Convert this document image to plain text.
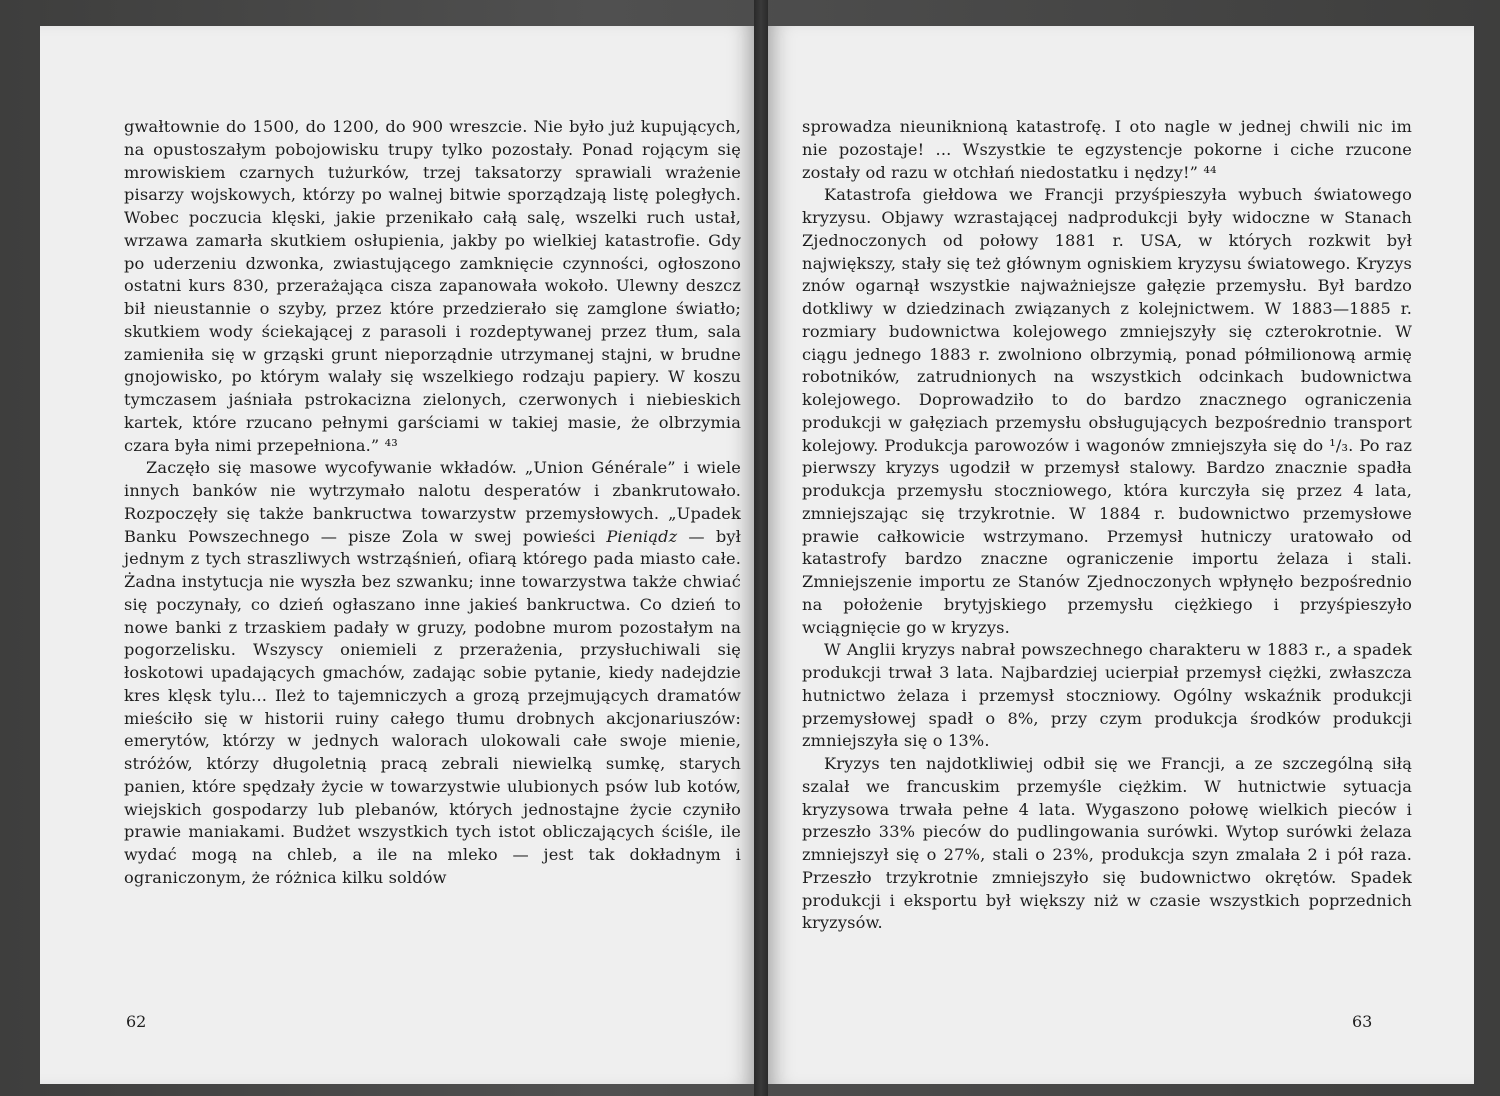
gwałtownie do 1500, do 1200, do 900 wreszcie. Nie było już kupujących, na opustoszałym pobojowisku trupy tylko pozostały. Ponad rojącym się mrowiskiem czarnych tużurków, trzej taksatorzy sprawiali wrażenie pisarzy wojskowych, którzy po walnej bitwie sporządzają listę poległych. Wobec poczucia klęski, jakie przenikało całą salę, wszelki ruch ustał, wrzawa zamarła skutkiem osłupienia, jakby po wielkiej katastrofie. Gdy po uderzeniu dzwonka, zwiastującego zamknięcie czynności, ogłoszono ostatni kurs 830, przerażająca cisza zapanowała wokoło. Ulewny deszcz bił nieustannie o szyby, przez które przedzierało się zamglone światło; skutkiem wody ściekającej z parasoli i rozdeptywanej przez tłum, sala zamieniła się w grząski grunt nieporządnie utrzymanej stajni, w brudne gnojowisko, po którym walały się wszelkiego rodzaju papiery. W koszu tymczasem jaśniała pstrokacizna zielonych, czerwonych i niebieskich kartek, które rzucano pełnymi garściami w takiej masie, że olbrzymia czara była nimi przepełniona.” ⁴³

Zaczęło się masowe wycofywanie wkładów. „Union Générale” i wiele innych banków nie wytrzymało nalotu desperatów i zbankrutowało. Rozpoczęły się także bankructwa towarzystw przemysłowych. „Upadek Banku Powszechnego — pisze Zola w swej powieści Pieniądz — był jednym z tych straszliwych wstrząśnień, ofiarą którego pada miasto całe. Żadna instytucja nie wyszła bez szwanku; inne towarzystwa także chwiać się poczynały, co dzień ogłaszano inne jakieś bankructwa. Co dzień to nowe banki z trzaskiem padały w gruzy, podobne murom pozostałym na pogorzelisku. Wszyscy oniemieli z przerażenia, przysłuchiwali się łoskotowi upadających gmachów, zadając sobie pytanie, kiedy nadejdzie kres klęsk tylu... Ileż to tajemniczych a grozą przejmujących dramatów mieściło się w historii ruiny całego tłumu drobnych akcjonariuszów: emerytów, którzy w jednych walorach ulokowali całe swoje mienie, stróżów, którzy długoletnią pracą zebrali niewielką sumkę, starych panien, które spędzały życie w towarzystwie ulubionych psów lub kotów, wiejskich gospodarzy lub plebanów, których jednostajne życie czyniło prawie maniakami. Budżet wszystkich tych istot obliczających ściśle, ile wydać mogą na chleb, a ile na mleko — jest tak dokładnym i ograniczonym, że różnica kilku soldów

62

sprowadza nieuniknioną katastrofę. I oto nagle w jednej chwili nic im nie pozostaje! ... Wszystkie te egzystencje pokorne i ciche rzucone zostały od razu w otchłań niedostatku i nędzy!” ⁴⁴

Katastrofa giełdowa we Francji przyśpieszyła wybuch światowego kryzysu. Objawy wzrastającej nadprodukcji były widoczne w Stanach Zjednoczonych od połowy 1881 r. USA, w których rozkwit był największy, stały się też głównym ogniskiem kryzysu światowego. Kryzys znów ogarnął wszystkie najważniejsze gałęzie przemysłu. Był bardzo dotkliwy w dziedzinach związanych z kolejnictwem. W 1883—1885 r. rozmiary budownictwa kolejowego zmniejszyły się czterokrotnie. W ciągu jednego 1883 r. zwolniono olbrzymią, ponad półmilionową armię robotników, zatrudnionych na wszystkich odcinkach budownictwa kolejowego. Doprowadziło to do bardzo znacznego ograniczenia produkcji w gałęziach przemysłu obsługujących bezpośrednio transport kolejowy. Produkcja parowozów i wagonów zmniejszyła się do ¹/₃. Po raz pierwszy kryzys ugodził w przemysł stalowy. Bardzo znacznie spadła produkcja przemysłu stoczniowego, która kurczyła się przez 4 lata, zmniejszając się trzykrotnie. W 1884 r. budownictwo przemysłowe prawie całkowicie wstrzymano. Przemysł hutniczy uratowało od katastrofy bardzo znaczne ograniczenie importu żelaza i stali. Zmniejszenie importu ze Stanów Zjednoczonych wpłynęło bezpośrednio na położenie brytyjskiego przemysłu ciężkiego i przyśpieszyło wciągnięcie go w kryzys.

W Anglii kryzys nabrał powszechnego charakteru w 1883 r., a spadek produkcji trwał 3 lata. Najbardziej ucierpiał przemysł ciężki, zwłaszcza hutnictwo żelaza i przemysł stoczniowy. Ogólny wskaźnik produkcji przemysłowej spadł o 8%, przy czym produkcja środków produkcji zmniejszyła się o 13%.

Kryzys ten najdotkliwiej odbił się we Francji, a ze szczególną siłą szalał we francuskim przemyśle ciężkim. W hutnictwie sytuacja kryzysowa trwała pełne 4 lata. Wygaszono połowę wielkich pieców i przeszło 33% pieców do pudlingowania surówki. Wytop surówki żelaza zmniejszył się o 27%, stali o 23%, produkcja szyn zmalała 2 i pół raza. Przeszło trzykrotnie zmniejszyło się budownictwo okrętów. Spadek produkcji i eksportu był większy niż w czasie wszystkich poprzednich kryzysów.

63
